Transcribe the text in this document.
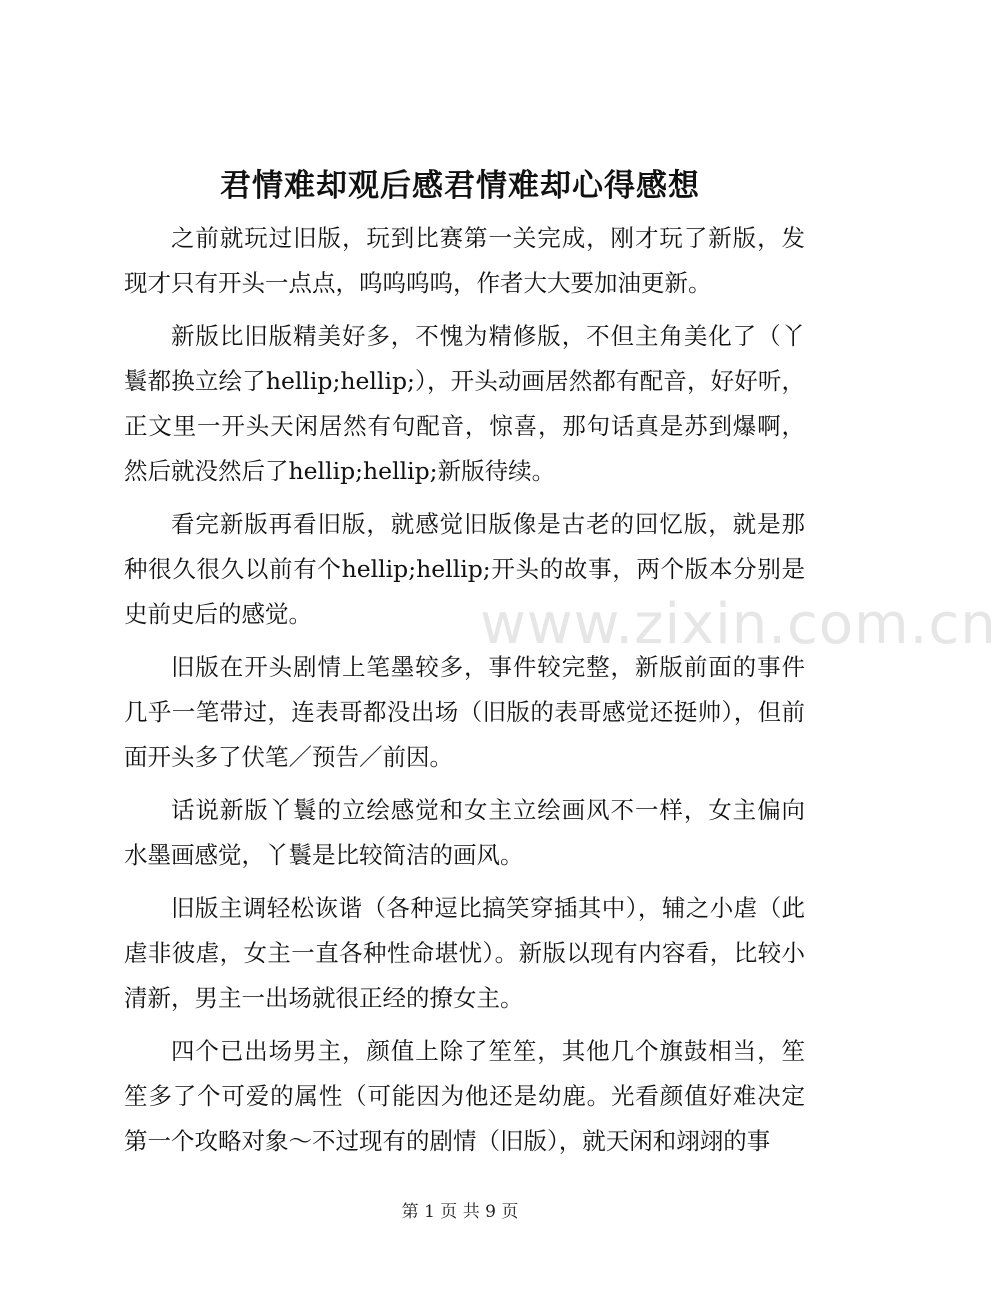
君情难却观后感君情难却心得感想

之前就玩过旧版，玩到比赛第一关完成，刚才玩了新版，发现才只有开头一点点，呜呜呜呜，作者大大要加油更新。

新版比旧版精美好多，不愧为精修版，不但主角美化了（丫鬟都换立绘了hellip;hellip;），开头动画居然都有配音，好好听，正文里一开头天闲居然有句配音，惊喜，那句话真是苏到爆啊，然后就没然后了hellip;hellip;新版待续。

看完新版再看旧版，就感觉旧版像是古老的回忆版，就是那种很久很久以前有个hellip;hellip;开头的故事，两个版本分别是史前史后的感觉。

旧版在开头剧情上笔墨较多，事件较完整，新版前面的事件几乎一笔带过，连表哥都没出场（旧版的表哥感觉还挺帅），但前面开头多了伏笔／预告／前因。

话说新版丫鬟的立绘感觉和女主立绘画风不一样，女主偏向水墨画感觉，丫鬟是比较简洁的画风。

旧版主调轻松诙谐（各种逗比搞笑穿插其中），辅之小虐（此虐非彼虐，女主一直各种性命堪忧）。新版以现有内容看，比较小清新，男主一出场就很正经的撩女主。

四个已出场男主，颜值上除了笙笙，其他几个旗鼓相当，笙笙多了个可爱的属性（可能因为他还是幼鹿。光看颜值好难决定第一个攻略对象～不过现有的剧情（旧版），就天闲和翊翊的事

www.zixin.com.cn
第 1 页 共 9 页
